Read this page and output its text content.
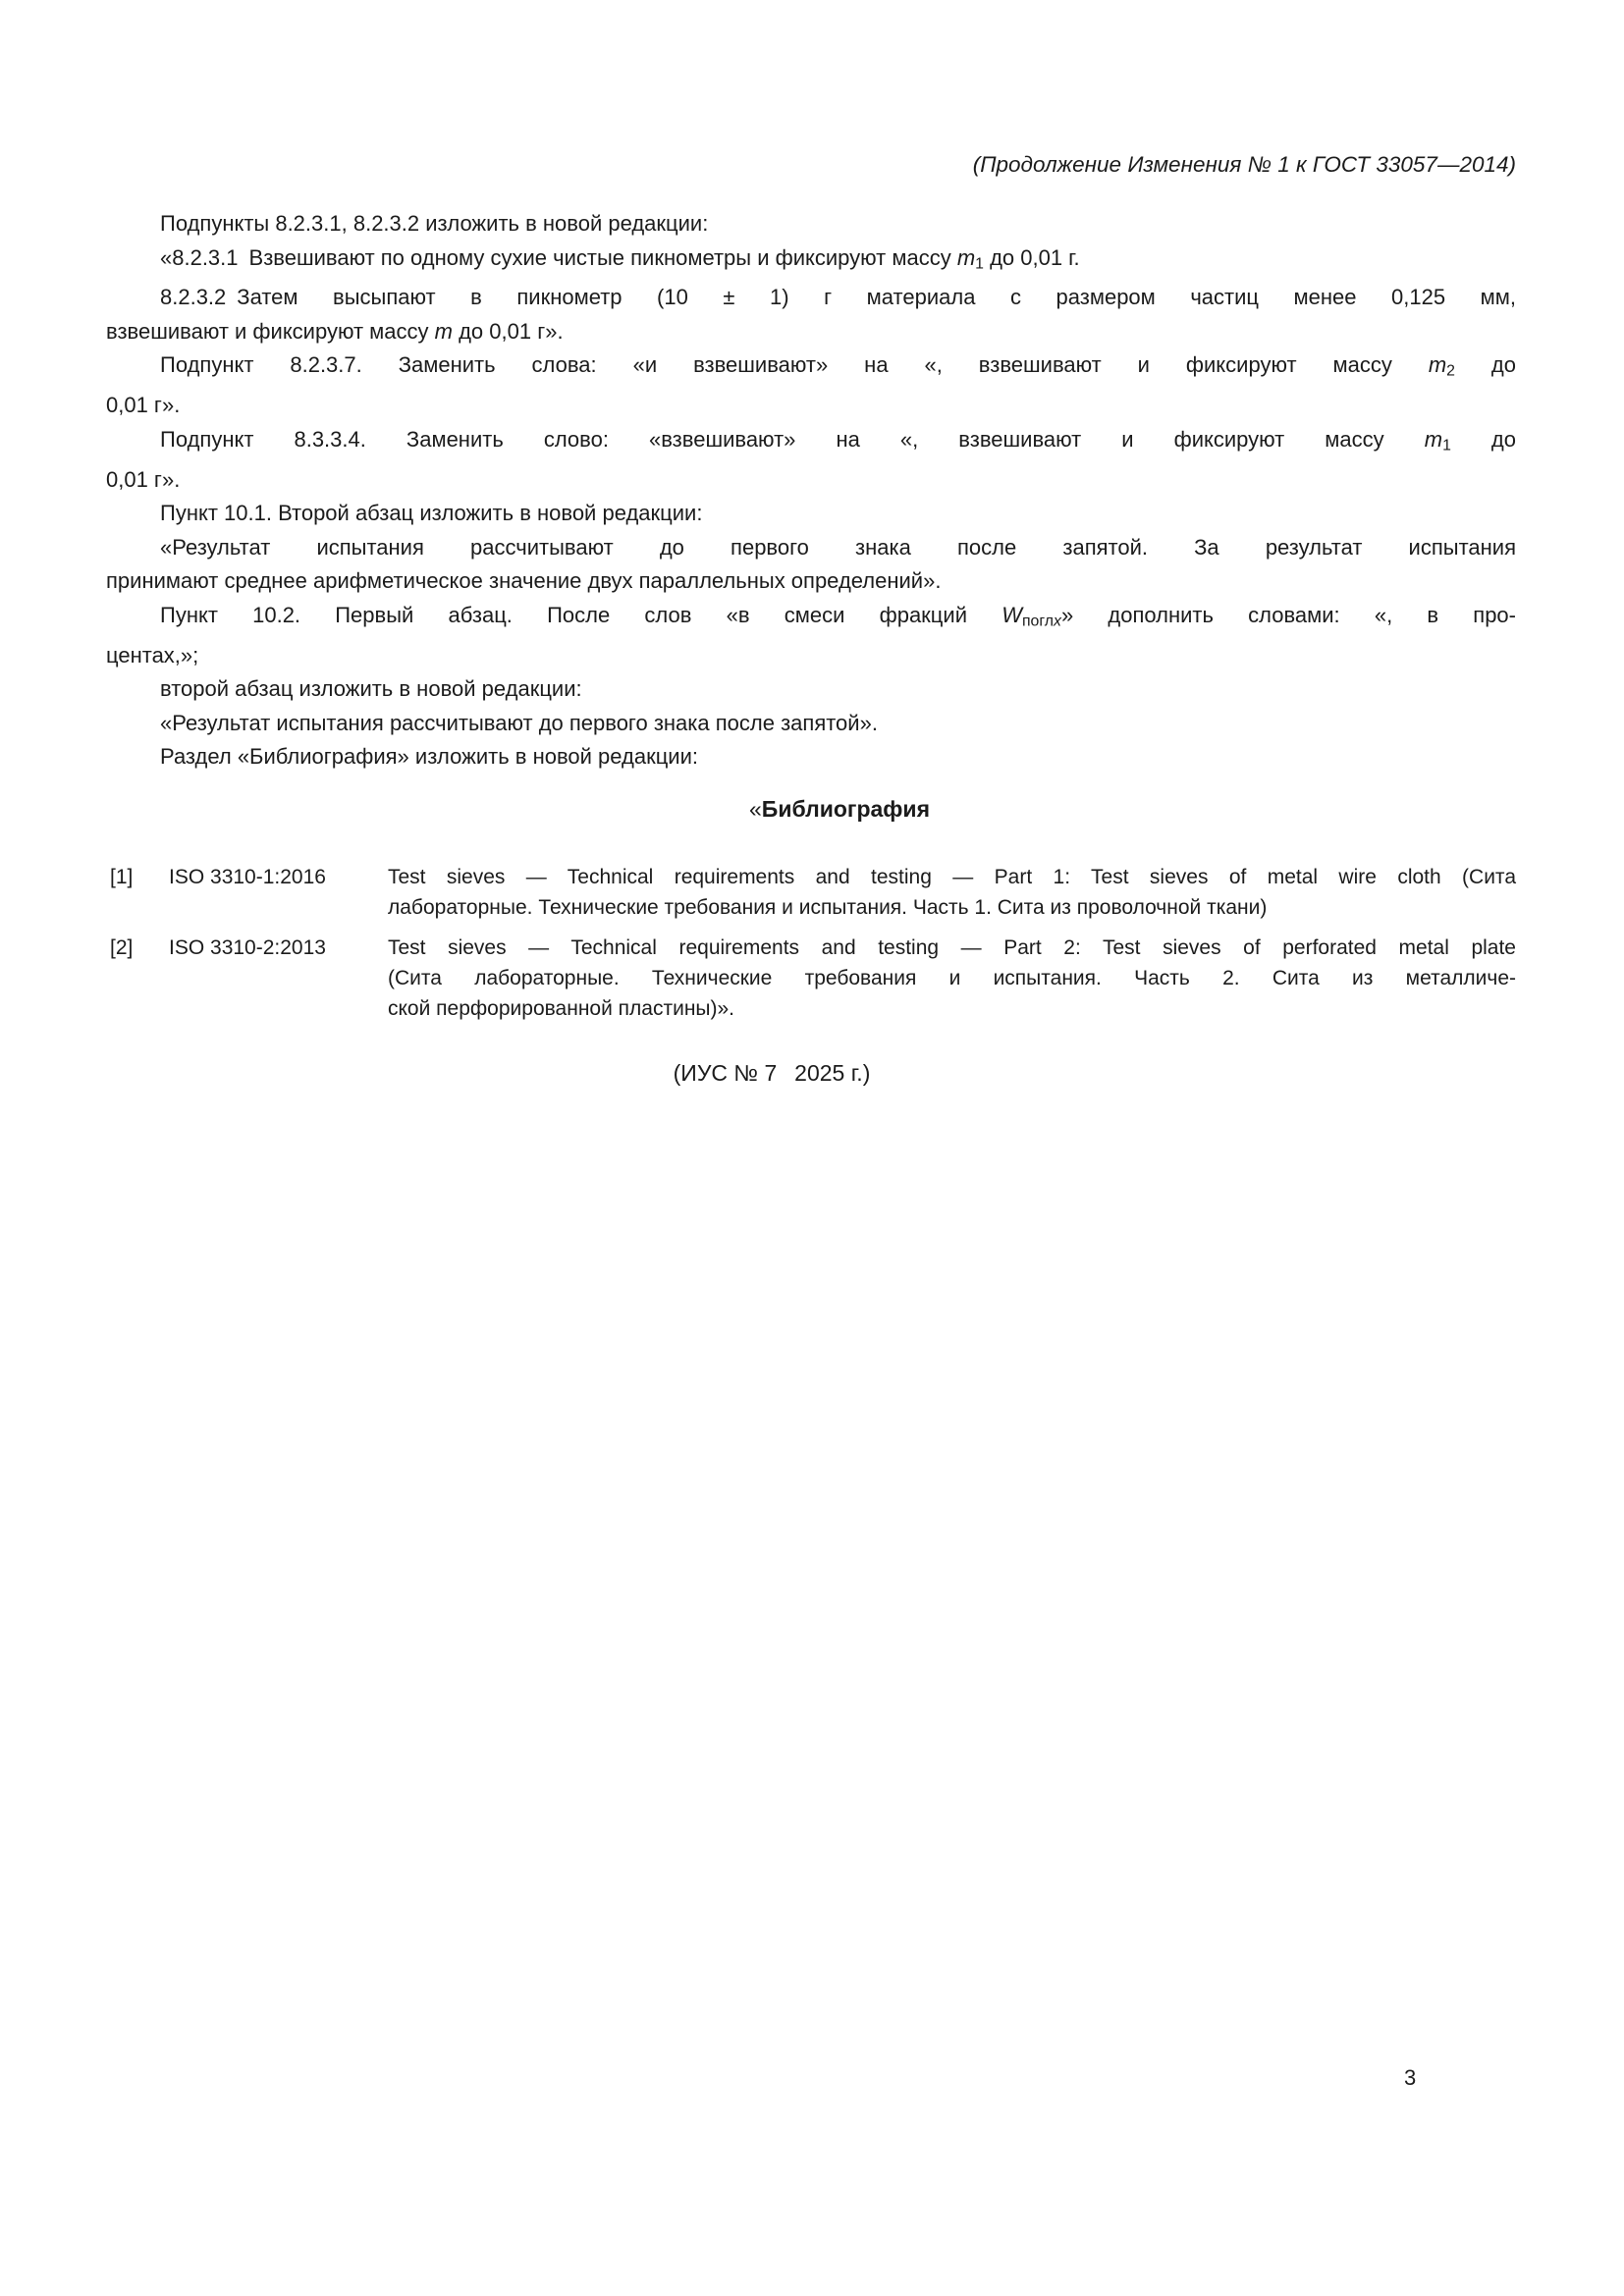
(Продолжение Изменения № 1 к ГОСТ 33057—2014)
Подпункты 8.2.3.1, 8.2.3.2 изложить в новой редакции:
«8.2.3.1 Взвешивают по одному сухие чистые пикнометры и фиксируют массу $m_1$ до 0,01 г.
8.2.3.2 Затем высыпают в пикнометр (10 ± 1) г материала с размером частиц менее 0,125 мм,
взвешивают и фиксируют массу m до 0,01 г».
Подпункт 8.2.3.7. Заменить слова: «и взвешивают» на «, взвешивают и фиксируют массу $m_2$ до
0,01 г».
Подпункт 8.3.3.4. Заменить слово: «взвешивают» на «, взвешивают и фиксируют массу $m_1$ до
0,01 г».
Пункт 10.1. Второй абзац изложить в новой редакции:
«Результат испытания рассчитывают до первого знака после запятой. За результат испытания
принимают среднее арифметическое значение двух параллельных определений».
Пункт 10.2. Первый абзац. После слов «в смеси фракций $W_{погл}x$» дополнить словами: «, в про-
центах,»;
второй абзац изложить в новой редакции:
«Результат испытания рассчитывают до первого знака после запятой».
Раздел «Библиография» изложить в новой редакции:
«Библиография
[1]	ISO 3310-1:2016	Test sieves — Technical requirements and testing — Part 1: Test sieves of metal wire cloth (Сита
лабораторные. Технические требования и испытания. Часть 1. Сита из проволочной ткани)
[2]	ISO 3310-2:2013	Test sieves — Technical requirements and testing — Part 2: Test sieves of perforated metal plate
(Сита лабораторные. Технические требования и испытания. Часть 2. Сита из металличе-
ской перфорированной пластины)».
(ИУС № 7  2025 г.)
3
